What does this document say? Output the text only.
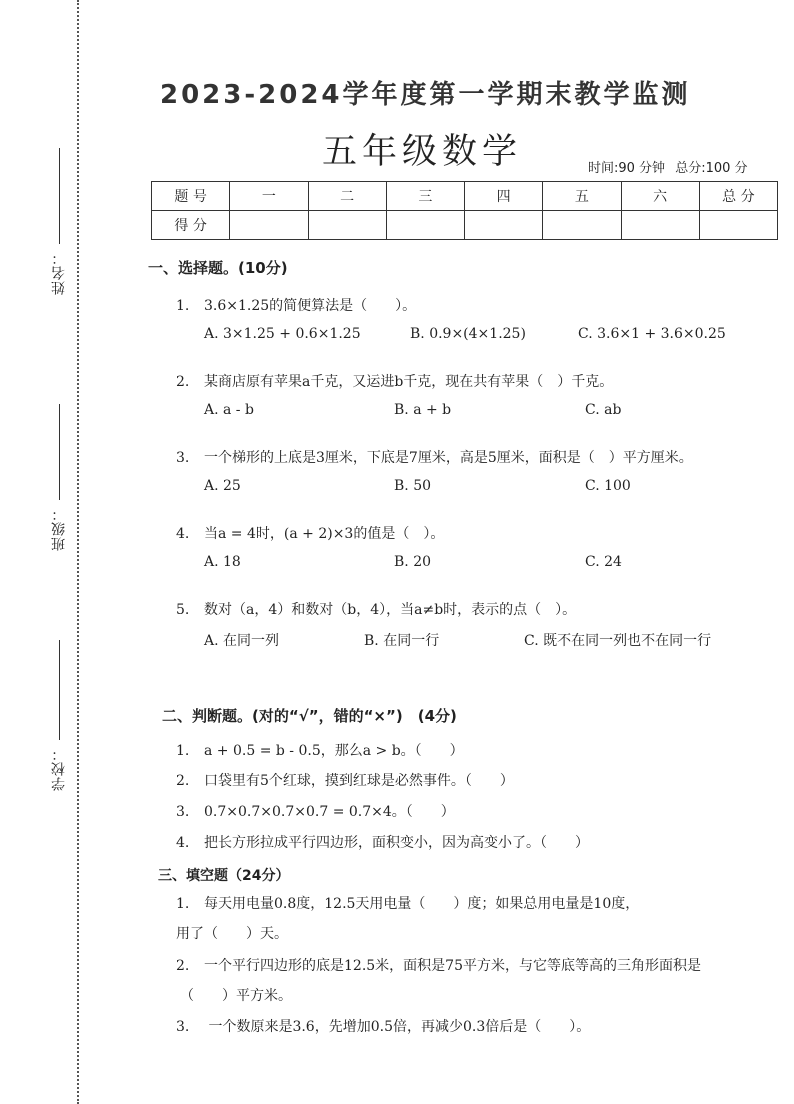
姓名：
班级：
学校：
2023-2024学年度第一学期末教学监测
五年级数学	时间:90 分钟 总分:100 分
题 号	一	二	三	四	五	六	总 分
得 分							
一、选择题。(10分)
1. 3.6×1.25的简便算法是（　　）。
A. 3×1.25 + 0.6×1.25	B. 0.9×(4×1.25)	C. 3.6×1 + 3.6×0.25
2. 某商店原有苹果a千克，又运进b千克，现在共有苹果（　）千克。
A. a - b	B. a + b	C. ab
3. 一个梯形的上底是3厘米，下底是7厘米，高是5厘米，面积是（　）平方厘米。
A. 25	B. 50	C. 100
4. 当a = 4时，(a + 2)×3的值是（　）。
A. 18	B. 20	C. 24
5. 数对（a，4）和数对（b，4），当a≠b时，表示的点（　）。
A. 在同一列	B. 在同一行	C. 既不在同一列也不在同一行
二、判断题。(对的“√”，错的“×”)　(4分)
1. a + 0.5 = b - 0.5，那么a > b。（　　）
2. 口袋里有5个红球，摸到红球是必然事件。（　　）
3. 0.7×0.7×0.7×0.7 = 0.7×4。（　　）
4. 把长方形拉成平行四边形，面积变小，因为高变小了。（　　）
三、填空题（24分）
1. 每天用电量0.8度，12.5天用电量（　　）度；如果总用电量是10度，
用了（　　）天。
2. 一个平行四边形的底是12.5米，面积是75平方米，与它等底等高的三角形面积是
（　　）平方米。
3. 一个数原来是3.6，先增加0.5倍，再减少0.3倍后是（　　）。
